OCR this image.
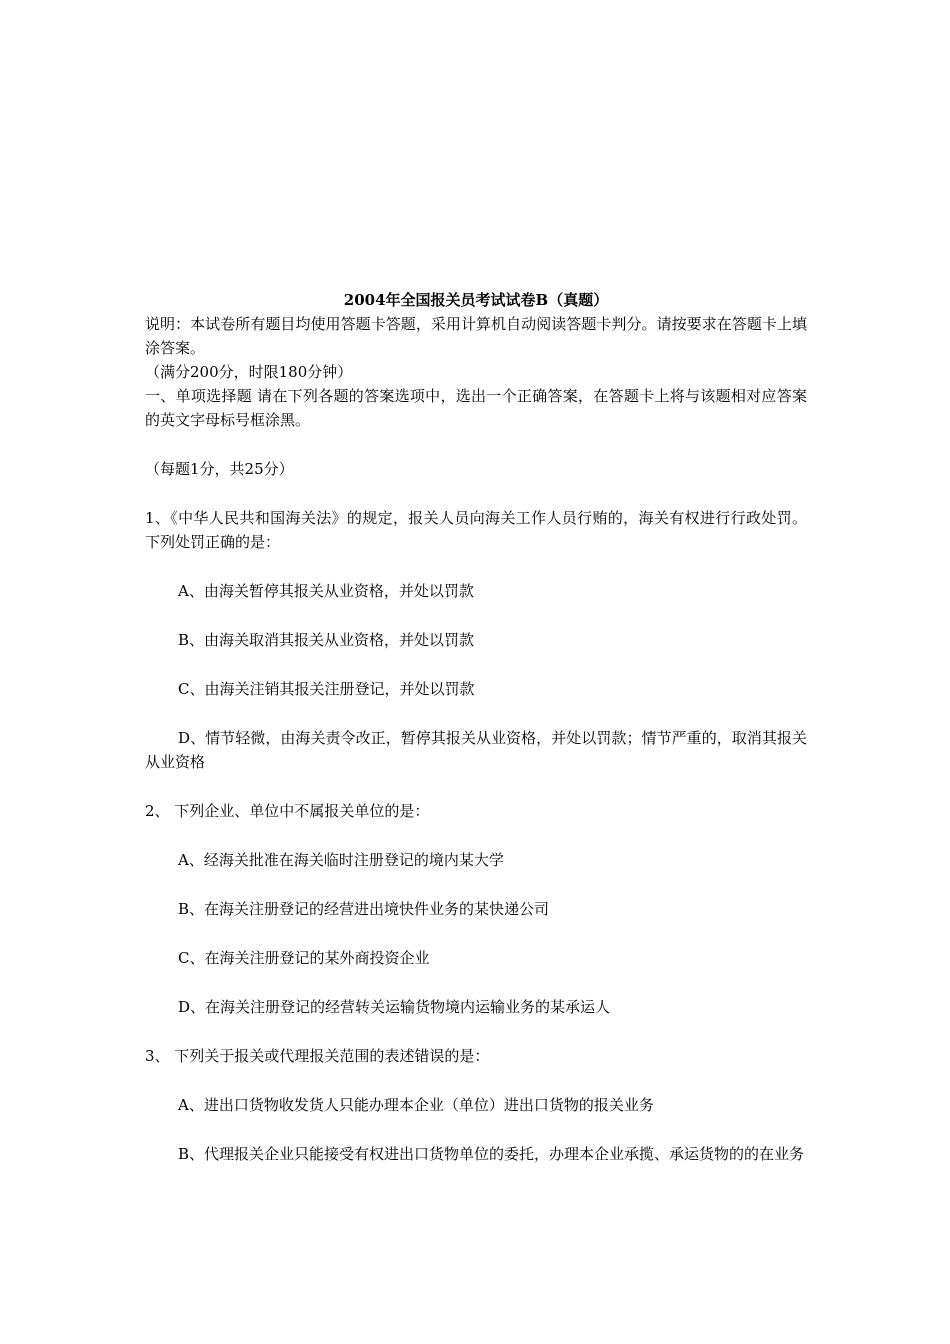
2004年全国报关员考试试卷B（真题）

说明：本试卷所有题目均使用答题卡答题，采用计算机自动阅读答题卡判分。请按要求在答题卡上填涂答案。

（满分200分，时限180分钟）

一、单项选择题 请在下列各题的答案选项中，选出一个正确答案，在答题卡上将与该题相对应答案的英文字母标号框涂黑。

（每题1分，共25分）

1、《中华人民共和国海关法》的规定，报关人员向海关工作人员行贿的，海关有权进行行政处罚。下列处罚正确的是：

A、由海关暂停其报关从业资格，并处以罚款

B、由海关取消其报关从业资格，并处以罚款

C、由海关注销其报关注册登记，并处以罚款

D、情节轻微，由海关责令改正，暂停其报关从业资格，并处以罚款；情节严重的，取消其报关从业资格

2、 下列企业、单位中不属报关单位的是：

A、经海关批准在海关临时注册登记的境内某大学

B、在海关注册登记的经营进出境快件业务的某快递公司

C、在海关注册登记的某外商投资企业

D、在海关注册登记的经营转关运输货物境内运输业务的某承运人

3、 下列关于报关或代理报关范围的表述错误的是：

A、进出口货物收发货人只能办理本企业（单位）进出口货物的报关业务

B、代理报关企业只能接受有权进出口货物单位的委托，办理本企业承揽、承运货物的的在业务
